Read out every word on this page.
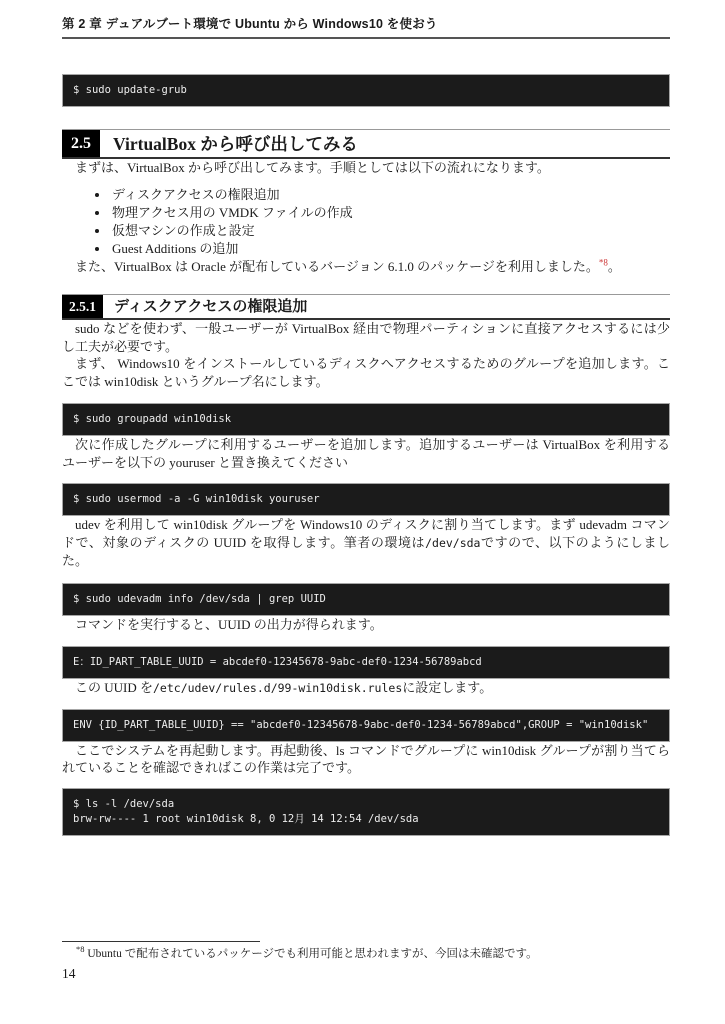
第 2 章 デュアルブート環境で Ubuntu から Windows10 を使おう
$ sudo update-grub
2.5	VirtualBox から呼び出してみる

まずは、VirtualBox から呼び出してみます。手順としては以下の流れになります。

• ディスクアクセスの権限追加
• 物理アクセス用の VMDK ファイルの作成
• 仮想マシンの作成と設定
• Guest Additions の追加

また、VirtualBox は Oracle が配布しているバージョン 6.1.0 のパッケージを利用しました。$^{*8}$。

2.5.1	ディスクアクセスの権限追加

sudo などを使わず、一般ユーザーが VirtualBox 経由で物理パーティションに直接アクセスするには少し工夫が必要です。

まず、 Windows10 をインストールしているディスクへアクセスするためのグループを追加します。ここでは win10disk というグループ名にします。

$ sudo groupadd win10disk

次に作成したグループに利用するユーザーを追加します。追加するユーザーは VirtualBox を利用するユーザーを以下の youruser と置き換えてください

$ sudo usermod -a -G win10disk youruser

udev を利用して win10disk グループを Windows10 のディスクに割り当てします。まず udevadm コマンドで、対象のディスクの UUID を取得します。筆者の環境は/dev/sdaですので、以下のようにしました。

$ sudo udevadm info /dev/sda | grep UUID

コマンドを実行すると、UUID の出力が得られます。

E：ID_PART_TABLE_UUID = abcdef0-12345678-9abc-def0-1234-56789abcd

この UUID を/etc/udev/rules.d/99-win10disk.rulesに設定します。

ENV {ID_PART_TABLE_UUID} == "abcdef0-12345678-9abc-def0-1234-56789abcd",GROUP = "win10disk"

ここでシステムを再起動します。再起動後、ls コマンドでグループに win10disk グループが割り当てられていることを確認できればこの作業は完了です。

$ ls -l /dev/sda
brw-rw---- 1 root win10disk 8, 0 12月 14 12:54 /dev/sda
$^{*8}$ Ubuntu で配布されているパッケージでも利用可能と思われますが、今回は未確認です。
14
